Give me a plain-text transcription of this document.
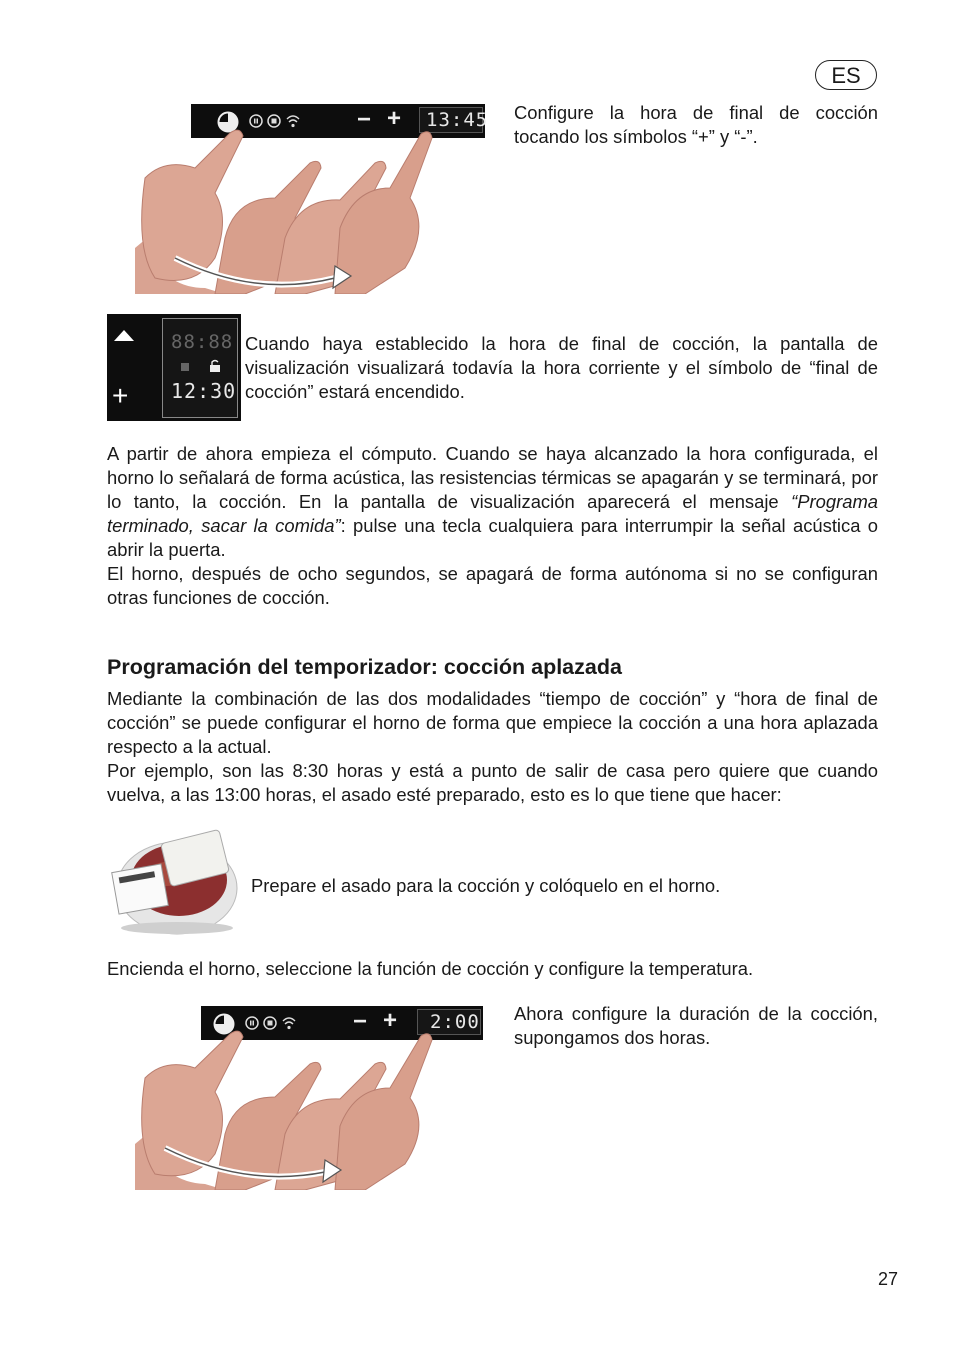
ES
− + 13:45 Configure la hora de final de cocción tocando los símbolos “+” y “-”.
+
88:88
12:30
Cuando haya establecido la hora de final de cocción, la pantalla de visualización visualizará todavía la hora corriente y el símbolo de “final de cocción” estará encendido.

A partir de ahora empieza el cómputo. Cuando se haya alcanzado la hora configurada, el horno lo señalará de forma acústica, las resistencias térmicas se apagarán y se terminará, por lo tanto, la cocción. En la pantalla de visualización aparecerá el mensaje “Programa terminado, sacar la comida”: pulse una tecla cualquiera para interrumpir la señal acústica o abrir la puerta.

El horno, después de ocho segundos, se apagará de forma autónoma si no se configuran otras funciones de cocción.

Programación del temporizador: cocción aplazada

Mediante la combinación de las dos modalidades “tiempo de cocción” y “hora de final de cocción” se puede configurar el horno de forma que empiece la cocción a una hora aplazada respecto a la actual.

Por ejemplo, son las 8:30 horas y está a punto de salir de casa pero quiere que cuando vuelva, a las 13:00 horas, el asado esté preparado, esto es lo que tiene que hacer:

Prepare el asado para la cocción y colóquelo en el horno.
Encienda el horno, seleccione la función de cocción y configure la temperatura.
− + 2:00 Ahora configure la duración de la cocción, supongamos dos horas.
27
